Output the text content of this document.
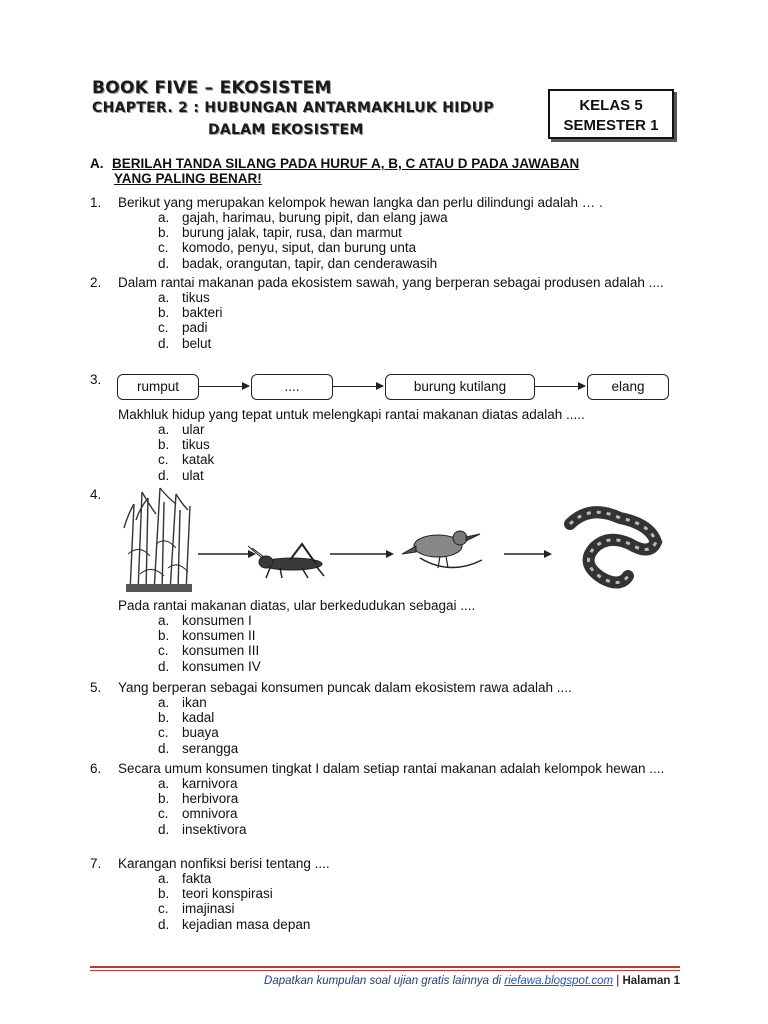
BOOK FIVE – EKOSISTEM
CHAPTER. 2 : HUBUNGAN ANTARMAKHLUK HIDUP
DALAM EKOSISTEM
KELAS 5
SEMESTER 1
A. BERILAH TANDA SILANG PADA HURUF A, B, C ATAU D PADA JAWABAN
YANG PALING BENAR!
1.	Berikut yang merupakan kelompok hewan langka dan perlu dilindungi adalah … .
a. gajah, harimau, burung pipit, dan elang jawa
b. burung jalak, tapir, rusa, dan marmut
c. komodo, penyu, siput, dan burung unta
d. badak, orangutan, tapir, dan cenderawasih
2.	Dalam rantai makanan pada ekosistem sawah, yang berperan sebagai produsen adalah ....
a. tikus
b. bakteri
c. padi
d. belut
3.	rumput	....	burung kutilang	elang
Makhluk hidup yang tepat untuk melengkapi rantai makanan diatas adalah .....
a. ular
b. tikus
c. katak
d. ulat
4.
Pada rantai makanan diatas, ular berkedudukan sebagai ....
a. konsumen I
b. konsumen II
c. konsumen III
d. konsumen IV
5.	Yang berperan sebagai konsumen puncak dalam ekosistem rawa adalah ....
a. ikan
b. kadal
c. buaya
d. serangga
6.	Secara umum konsumen tingkat I dalam setiap rantai makanan adalah kelompok hewan ....
a. karnivora
b. herbivora
c. omnivora
d. insektivora
7.	Karangan nonfiksi berisi tentang ....
a. fakta
b. teori konspirasi
c. imajinasi
d. kejadian masa depan
Dapatkan kumpulan soal ujian gratis lainnya di riefawa.blogspot.com | Halaman 1
